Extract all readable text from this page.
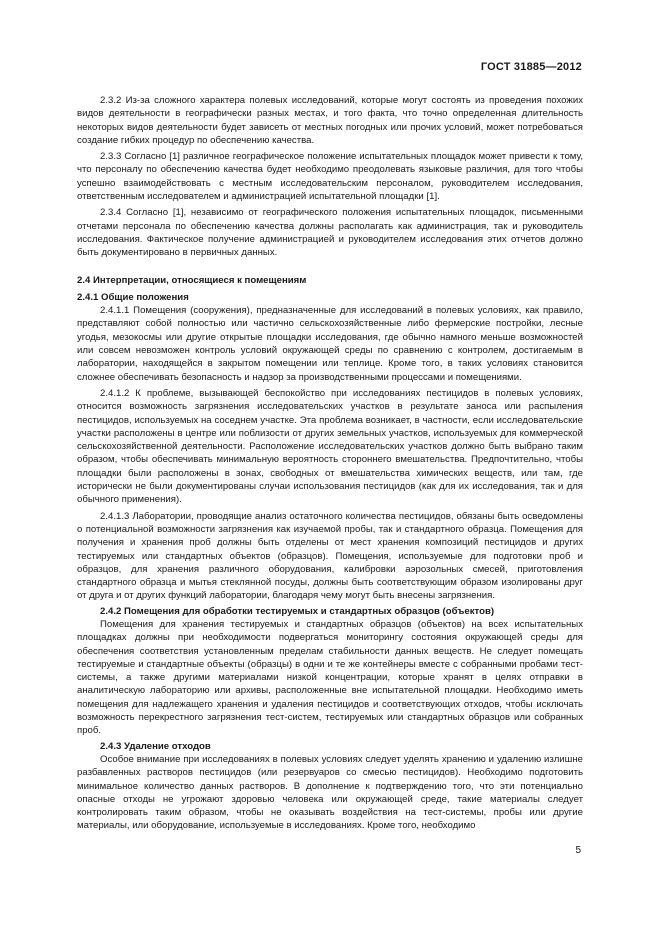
ГОСТ 31885—2012

2.3.2 Из-за сложного характера полевых исследований, которые могут состоять из проведения похожих видов деятельности в географически разных местах, и того факта, что точно определенная длительность некоторых видов деятельности будет зависеть от местных погодных или прочих условий, может потребоваться создание гибких процедур по обеспечению качества.

2.3.3 Согласно [1] различное географическое положение испытательных площадок может привести к тому, что персоналу по обеспечению качества будет необходимо преодолевать языковые различия, для того чтобы успешно взаимодействовать с местным исследовательским персоналом, руководителем исследования, ответственным исследователем и администрацией испытательной площадки [1].

2.3.4 Согласно [1], независимо от географического положения испытательных площадок, письменными отчетами персонала по обеспечению качества должны располагать как администрация, так и руководитель исследования. Фактическое получение администрацией и руководителем исследования этих отчетов должно быть документировано в первичных данных.

2.4 Интерпретации, относящиеся к помещениям

2.4.1 Общие положения

2.4.1.1 Помещения (сооружения), предназначенные для исследований в полевых условиях, как правило, представляют собой полностью или частично сельскохозяйственные либо фермерские постройки, лесные угодья, мезокосмы или другие открытые площадки исследования, где обычно намного меньше возможностей или совсем невозможен контроль условий окружающей среды по сравнению с контролем, достигаемым в лаборатории, находящейся в закрытом помещении или теплице. Кроме того, в таких условиях становится сложнее обеспечивать безопасность и надзор за производственными процессами и помещениями.

2.4.1.2 К проблеме, вызывающей беспокойство при исследованиях пестицидов в полевых условиях, относится возможность загрязнения исследовательских участков в результате заноса или распыления пестицидов, используемых на соседнем участке. Эта проблема возникает, в частности, если исследовательские участки расположены в центре или поблизости от других земельных участков, используемых для коммерческой сельскохозяйственной деятельности. Расположение исследовательских участков должно быть выбрано таким образом, чтобы обеспечивать минимальную вероятность стороннего вмешательства. Предпочтительно, чтобы площадки были расположены в зонах, свободных от вмешательства химических веществ, или там, где исторически не были документированы случаи использования пестицидов (как для их исследования, так и для обычного применения).

2.4.1.3 Лаборатории, проводящие анализ остаточного количества пестицидов, обязаны быть осведомлены о потенциальной возможности загрязнения как изучаемой пробы, так и стандартного образца. Помещения для получения и хранения проб должны быть отделены от мест хранения композиций пестицидов и других тестируемых или стандартных объектов (образцов). Помещения, используемые для подготовки проб и образцов, для хранения различного оборудования, калибровки аэрозольных смесей, приготовления стандартного образца и мытья стеклянной посуды, должны быть соответствующим образом изолированы друг от друга и от других функций лаборатории, благодаря чему могут быть внесены загрязнения.

2.4.2 Помещения для обработки тестируемых и стандартных образцов (объектов)

Помещения для хранения тестируемых и стандартных образцов (объектов) на всех испытательных площадках должны при необходимости подвергаться мониторингу состояния окружающей среды для обеспечения соответствия установленным пределам стабильности данных веществ. Не следует помещать тестируемые и стандартные объекты (образцы) в одни и те же контейнеры вместе с собранными пробами тест-системы, а также другими материалами низкой концентрации, которые хранят в целях отправки в аналитическую лабораторию или архивы, расположенные вне испытательной площадки. Необходимо иметь помещения для надлежащего хранения и удаления пестицидов и соответствующих отходов, чтобы исключать возможность перекрестного загрязнения тест-систем, тестируемых или стандартных образцов или собранных проб.

2.4.3 Удаление отходов

Особое внимание при исследованиях в полевых условиях следует уделять хранению и удалению излишне разбавленных растворов пестицидов (или резервуаров со смесью пестицидов). Необходимо подготовить минимальное количество данных растворов. В дополнение к подтверждению того, что эти потенциально опасные отходы не угрожают здоровью человека или окружающей среде, такие материалы следует контролировать таким образом, чтобы не оказывать воздействия на тест-системы, пробы или другие материалы, или оборудование, используемые в исследованиях. Кроме того, необходимо

5
